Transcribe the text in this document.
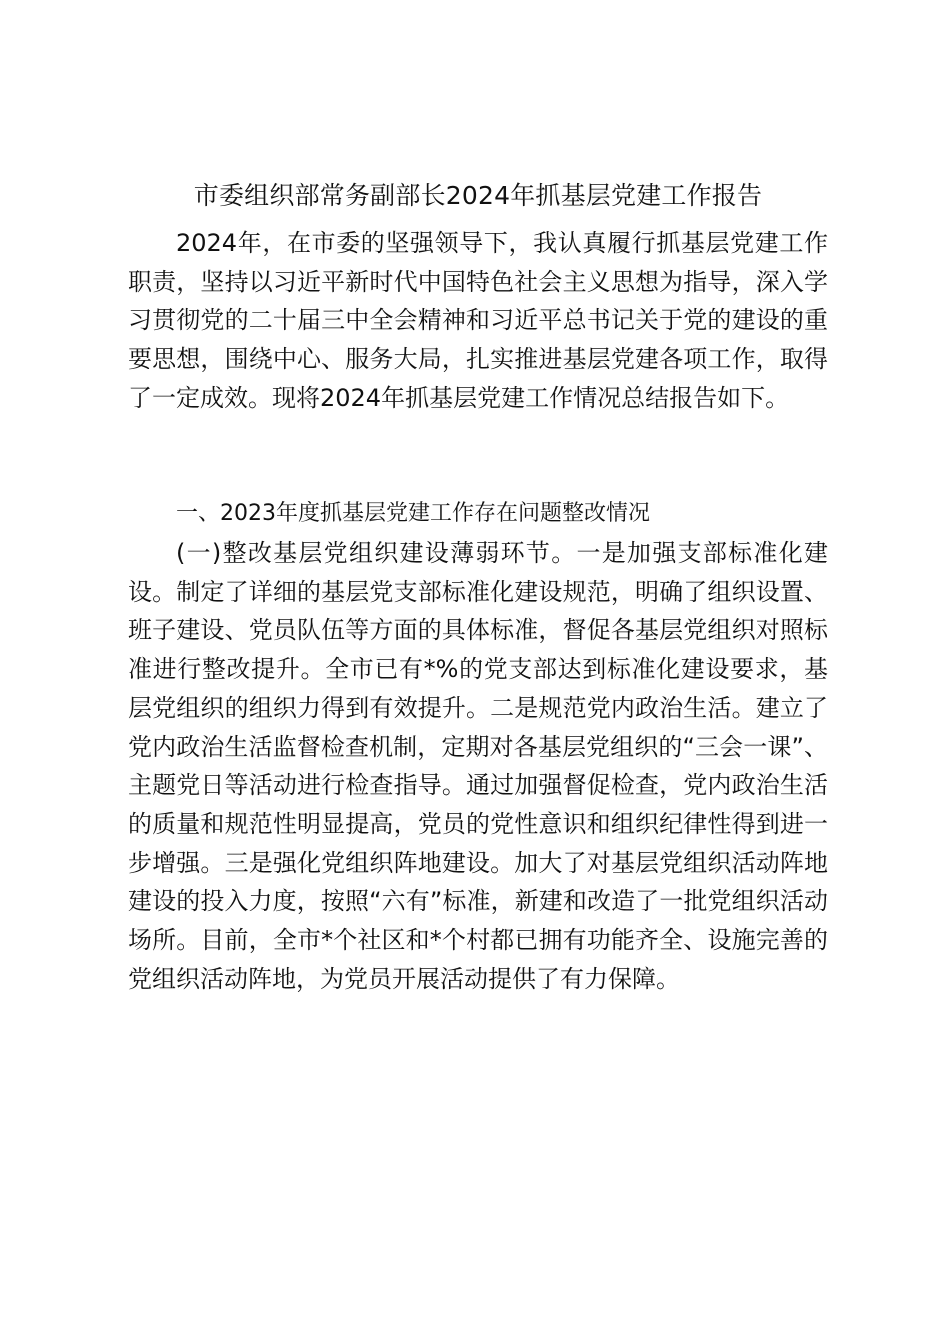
市委组织部常务副部长2024年抓基层党建工作报告

2024年，在市委的坚强领导下，我认真履行抓基层党建工作职责，坚持以习近平新时代中国特色社会主义思想为指导，深入学习贯彻党的二十届三中全会精神和习近平总书记关于党的建设的重要思想，围绕中心、服务大局，扎实推进基层党建各项工作，取得了一定成效。现将2024年抓基层党建工作情况总结报告如下。

一、2023年度抓基层党建工作存在问题整改情况

(一)整改基层党组织建设薄弱环节。一是加强支部标准化建设。制定了详细的基层党支部标准化建设规范，明确了组织设置、班子建设、党员队伍等方面的具体标准，督促各基层党组织对照标准进行整改提升。全市已有*%的党支部达到标准化建设要求，基层党组织的组织力得到有效提升。二是规范党内政治生活。建立了党内政治生活监督检查机制，定期对各基层党组织的“三会一课”、主题党日等活动进行检查指导。通过加强督促检查，党内政治生活的质量和规范性明显提高，党员的党性意识和组织纪律性得到进一步增强。三是强化党组织阵地建设。加大了对基层党组织活动阵地建设的投入力度，按照“六有”标准，新建和改造了一批党组织活动场所。目前，全市*个社区和*个村都已拥有功能齐全、设施完善的党组织活动阵地，为党员开展活动提供了有力保障。
